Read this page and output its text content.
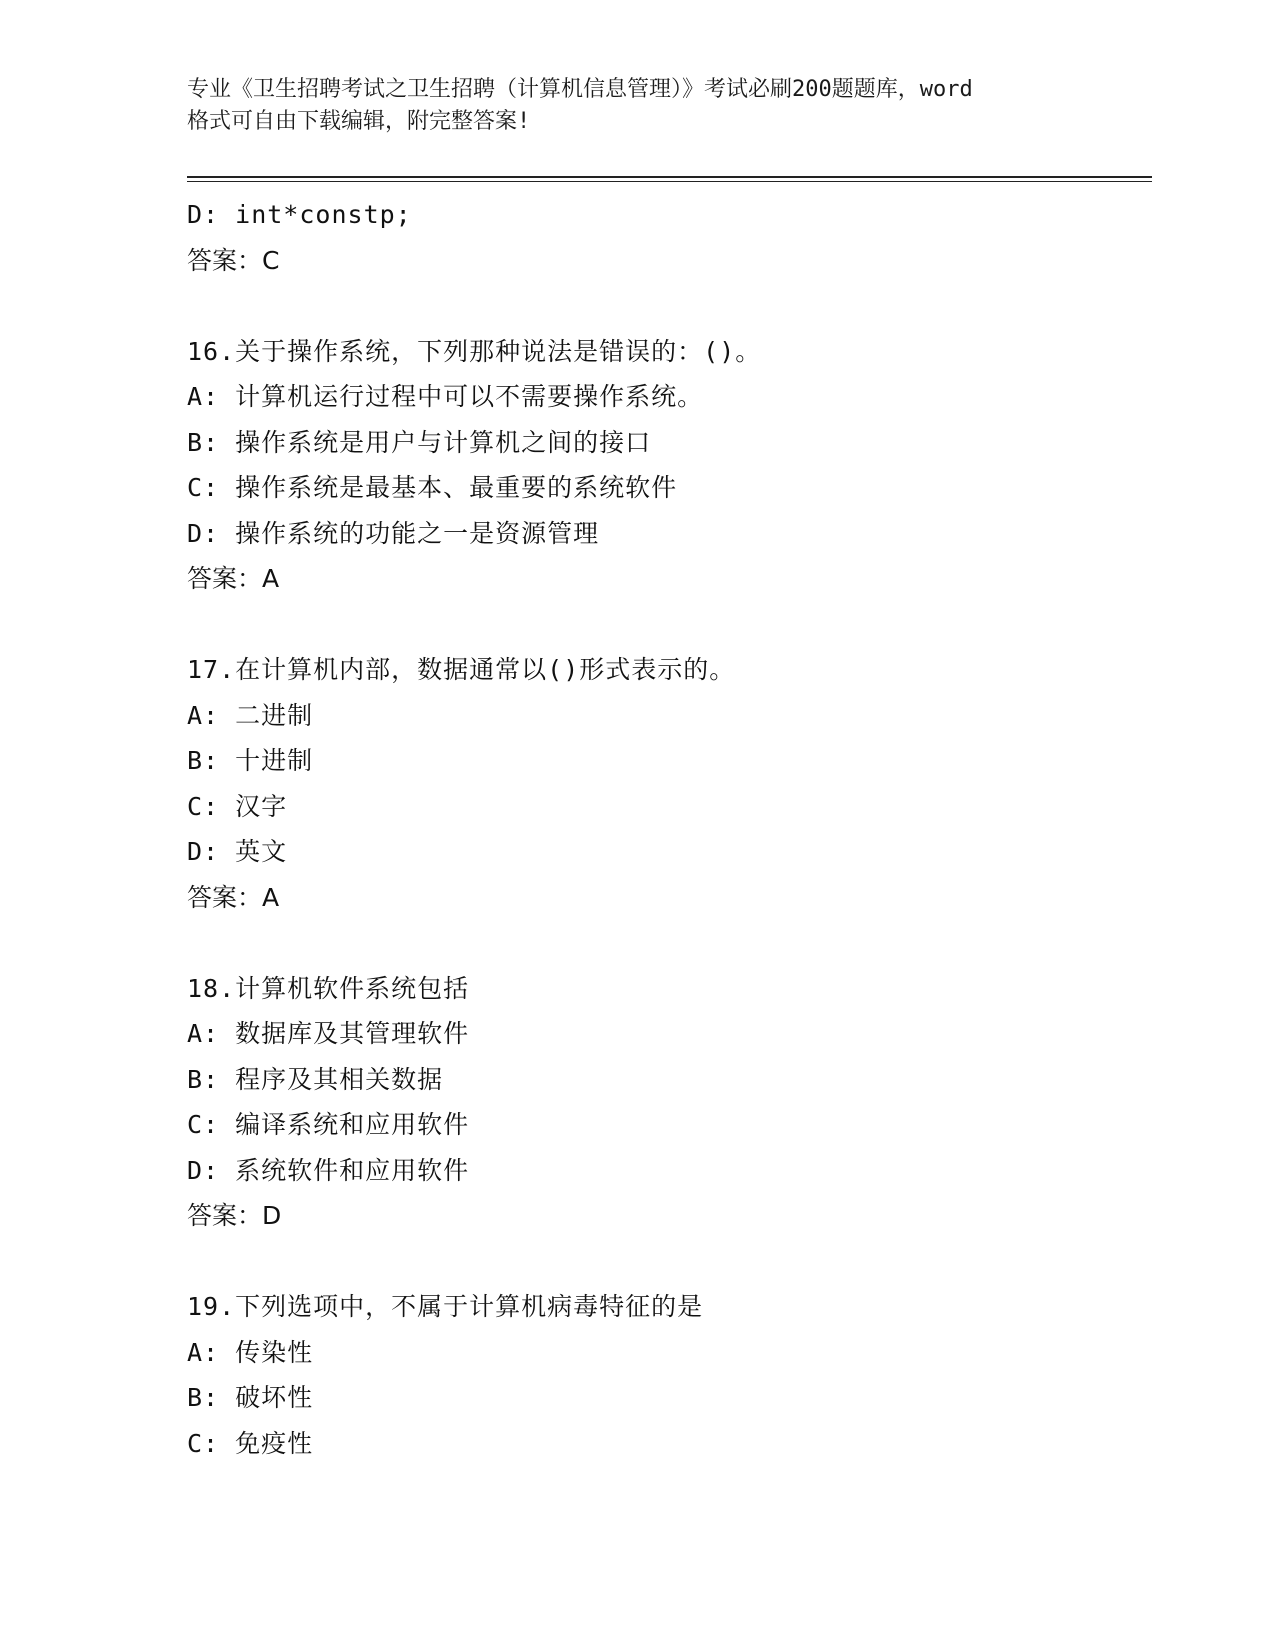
专业《卫生招聘考试之卫生招聘（计算机信息管理）》考试必刷200题题库，word
格式可自由下载编辑，附完整答案!
D: int*constp;
答案：C
16.关于操作系统，下列那种说法是错误的：()。
A: 计算机运行过程中可以不需要操作系统。
B: 操作系统是用户与计算机之间的接口
C: 操作系统是最基本、最重要的系统软件
D: 操作系统的功能之一是资源管理
答案：A
17.在计算机内部，数据通常以()形式表示的。
A: 二进制
B: 十进制
C: 汉字
D: 英文
答案：A
18.计算机软件系统包括
A: 数据库及其管理软件
B: 程序及其相关数据
C: 编译系统和应用软件
D: 系统软件和应用软件
答案：D
19.下列选项中，不属于计算机病毒特征的是
A: 传染性
B: 破坏性
C: 免疫性
